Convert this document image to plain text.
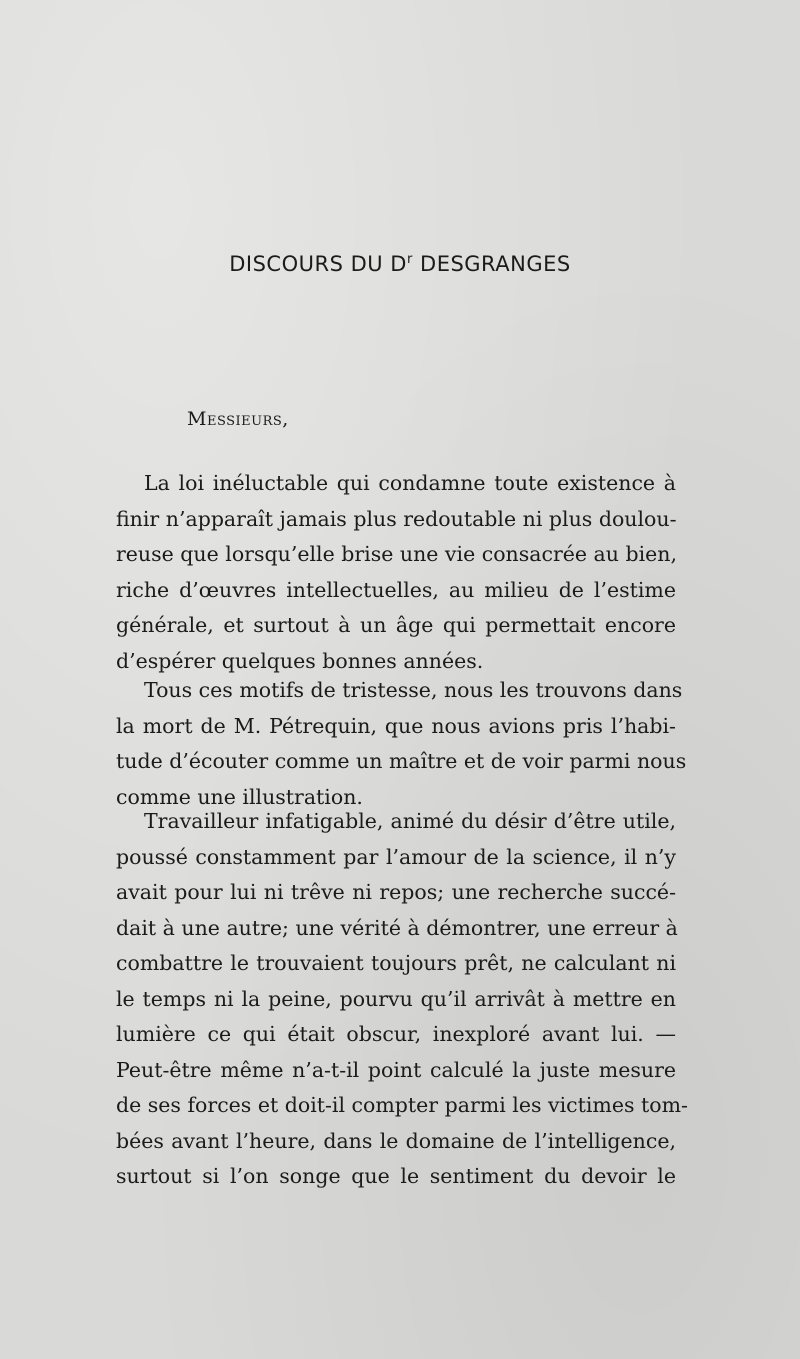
DISCOURS DU $D^r$ DESGRANGES
Messieurs,
La loi inéluctable qui condamne toute existence à
finir n’apparaît jamais plus redoutable ni plus doulou-
reuse que lorsqu’elle brise une vie consacrée au bien,
riche d’œuvres intellectuelles, au milieu de l’estime
générale, et surtout à un âge qui permettait encore
d’espérer quelques bonnes années.
Tous ces motifs de tristesse, nous les trouvons dans
la mort de M. Pétrequin, que nous avions pris l’habi-
tude d’écouter comme un maître et de voir parmi nous
comme une illustration.
Travailleur infatigable, animé du désir d’être utile,
poussé constamment par l’amour de la science, il n’y
avait pour lui ni trêve ni repos; une recherche succé-
dait à une autre; une vérité à démontrer, une erreur à
combattre le trouvaient toujours prêt, ne calculant ni
le temps ni la peine, pourvu qu’il arrivât à mettre en
lumière ce qui était obscur, inexploré avant lui. —
Peut-être même n’a-t-il point calculé la juste mesure
de ses forces et doit-il compter parmi les victimes tom-
bées avant l’heure, dans le domaine de l’intelligence,
surtout si l’on songe que le sentiment du devoir le
